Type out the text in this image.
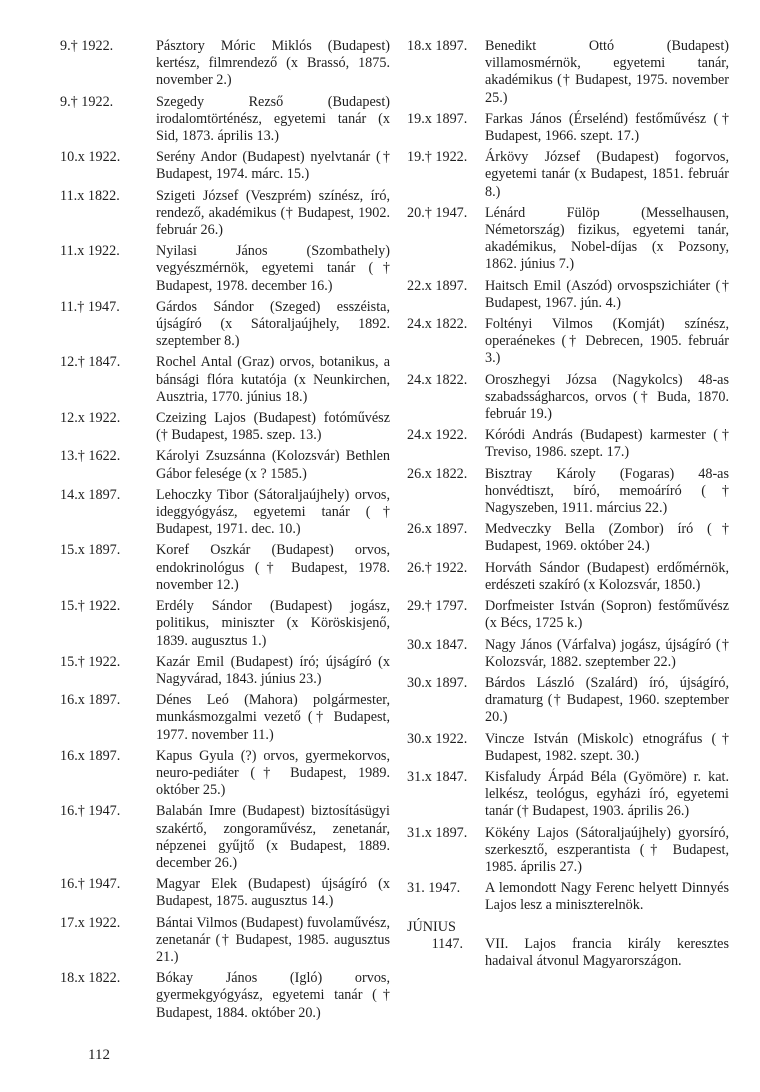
9.† 1922.	Pásztory Móric Miklós (Budapest) kertész, filmrendező (x Brassó, 1875. november 2.)
9.† 1922.	Szegedy Rezső (Budapest) irodalomtörténész, egyetemi tanár (x Sid, 1873. április 13.)
10.x 1922.	Serény Andor (Budapest) nyelvtanár († Budapest, 1974. márc. 15.)
11.x 1822.	Szigeti József (Veszprém) színész, író, rendező, akadémikus († Budapest, 1902. február 26.)
11.x 1922.	Nyilasi János (Szombathely) vegyészmérnök, egyetemi tanár († Budapest, 1978. december 16.)
11.† 1947.	Gárdos Sándor (Szeged) esszéista, újságíró (x Sátoraljaújhely, 1892. szeptember 8.)
12.† 1847.	Rochel Antal (Graz) orvos, botanikus, a bánsági flóra kutatója (x Neunkirchen, Ausztria, 1770. június 18.)
12.x 1922.	Czeizing Lajos (Budapest) fotóművész († Budapest, 1985. szep. 13.)
13.† 1622.	Károlyi Zsuzsánna (Kolozsvár) Bethlen Gábor felesége (x ? 1585.)
14.x 1897.	Lehoczky Tibor (Sátoraljaújhely) orvos, ideggyógyász, egyetemi tanár († Budapest, 1971. dec. 10.)
15.x 1897.	Koref Oszkár (Budapest) orvos, endokrinológus († Budapest, 1978. november 12.)
15.† 1922.	Erdély Sándor (Budapest) jogász, politikus, miniszter (x Köröskisjenő, 1839. augusztus 1.)
15.† 1922.	Kazár Emil (Budapest) író; újságíró (x Nagyvárad, 1843. június 23.)
16.x 1897.	Dénes Leó (Mahora) polgármester, munkásmozgalmi vezető († Budapest, 1977. november 11.)
16.x 1897.	Kapus Gyula (?) orvos, gyermekorvos, neuro-pediáter († Budapest, 1989. október 25.)
16.† 1947.	Balabán Imre (Budapest) biztosításügyi szakértő, zongoraművész, zenetanár, népzenei gyűjtő (x Budapest, 1889. december 26.)
16.† 1947.	Magyar Elek (Budapest) újságíró (x Budapest, 1875. augusztus 14.)
17.x 1922.	Bántai Vilmos (Budapest) fuvolaművész, zenetanár († Budapest, 1985. augusztus 21.)
18.x 1822.	Bókay János (Igló) orvos, gyermekgyógyász, egyetemi tanár († Budapest, 1884. október 20.)
18.x 1897.	Benedikt Ottó (Budapest) villamosmérnök, egyetemi tanár, akadémikus († Budapest, 1975. november 25.)
19.x 1897.	Farkas János (Érselénd) festőművész († Budapest, 1966. szept. 17.)
19.† 1922.	Árkövy József (Budapest) fogorvos, egyetemi tanár (x Budapest, 1851. február 8.)
20.† 1947.	Lénárd Fülöp (Messelhausen, Németország) fizikus, egyetemi tanár, akadémikus, Nobel-díjas (x Pozsony, 1862. június 7.)
22.x 1897.	Haitsch Emil (Aszód) orvospszichiáter († Budapest, 1967. jún. 4.)
24.x 1822.	Foltényi Vilmos (Komját) színész, operaénekes († Debrecen, 1905. február 3.)
24.x 1822.	Oroszhegyi Józsa (Nagykolcs) 48-as szabadsságharcos, orvos († Buda, 1870. február 19.)
24.x 1922.	Kóródi András (Budapest) karmester († Treviso, 1986. szept. 17.)
26.x 1822.	Bisztray Károly (Fogaras) 48-as honvédtiszt, bíró, memoáríró († Nagyszeben, 1911. március 22.)
26.x 1897.	Medveczky Bella (Zombor) író († Budapest, 1969. október 24.)
26.† 1922.	Horváth Sándor (Budapest) erdőmérnök, erdészeti szakíró (x Kolozsvár, 1850.)
29.† 1797.	Dorfmeister István (Sopron) festőművész (x Bécs, 1725 k.)
30.x 1847.	Nagy János (Várfalva) jogász, újságíró († Kolozsvár, 1882. szeptember 22.)
30.x 1897.	Bárdos László (Szalárd) író, újságíró, dramaturg († Budapest, 1960. szeptember 20.)
30.x 1922.	Vincze István (Miskolc) etnográfus († Budapest, 1982. szept. 30.)
31.x 1847.	Kisfaludy Árpád Béla (Gyömöre) r. kat. lelkész, teológus, egyházi író, egyetemi tanár († Budapest, 1903. április 26.)
31.x 1897.	Kökény Lajos (Sátoraljaújhely) gyorsíró, szerkesztő, eszperantista († Budapest, 1985. április 27.)
31. 1947.	A lemondott Nagy Ferenc helyett Dinnyés Lajos lesz a miniszterelnök.
JÚNIUS
1147.	VII. Lajos francia király keresztes hadaival átvonul Magyarországon.
112
